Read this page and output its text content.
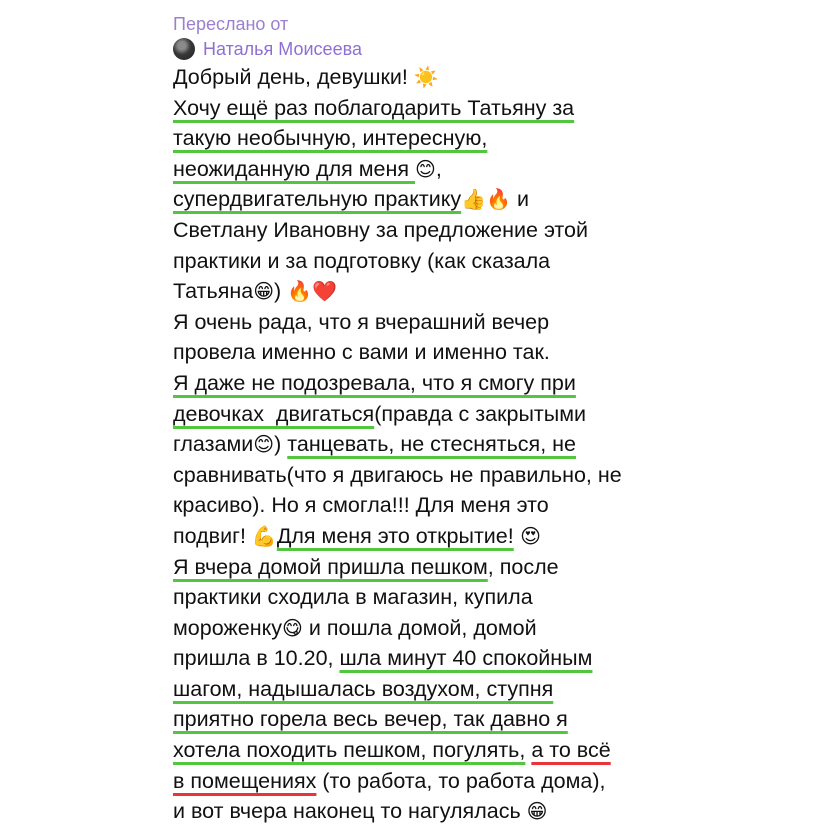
Переслано от
Наталья Моисеева
Добрый день, девушки! ☀️
Хочу ещё раз поблагодарить Татьяну за
такую необычную, интересную,
неожиданную для меня 😊,
супердвигательную практику👍🔥 и
Светлану Ивановну за предложение этой
практики и за подготовку (как сказала
Татьяна😁) 🔥❤️
Я очень рада, что я вчерашний вечер
провела именно с вами и именно так.
Я даже не подозревала, что я смогу при
девочках  двигаться(правда с закрытыми
глазами😊) танцевать, не стесняться, не
сравнивать(что я двигаюсь не правильно, не
красиво). Но я смогла!!! Для меня это
подвиг! 💪Для меня это открытие! 😍
Я вчера домой пришла пешком, после
практики сходила в магазин, купила
мороженку😋 и пошла домой, домой
пришла в 10.20, шла минут 40 спокойным
шагом, надышалась воздухом, ступня
приятно горела весь вечер, так давно я
хотела походить пешком, погулять, а то всё
в помещениях (то работа, то работа дома),
и вот вчера наконец то нагулялась 😁
